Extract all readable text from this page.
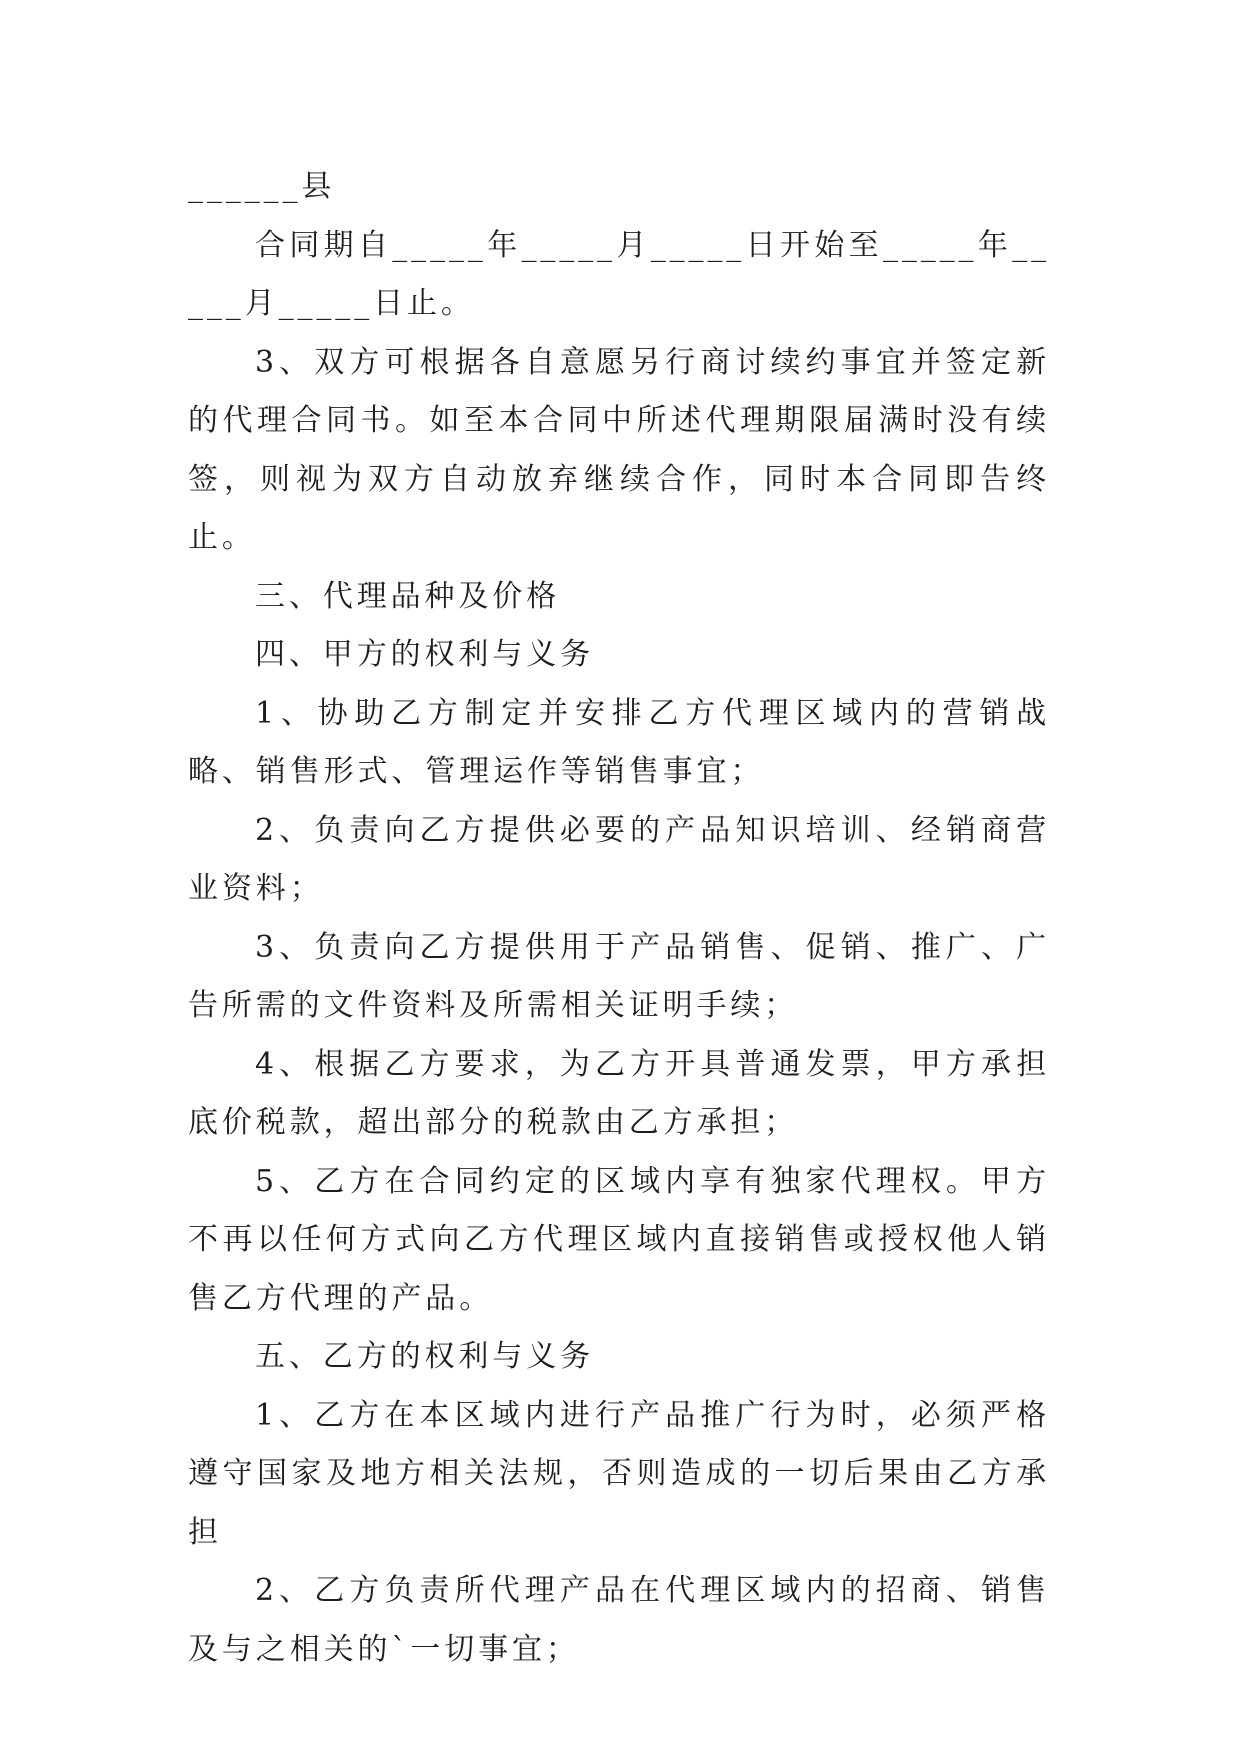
______县

合同期自_____年_____月_____日开始至_____年_____月_____日止。

3、双方可根据各自意愿另行商讨续约事宜并签定新的代理合同书。如至本合同中所述代理期限届满时没有续签，则视为双方自动放弃继续合作，同时本合同即告终止。

三、代理品种及价格

四、甲方的权利与义务

1、协助乙方制定并安排乙方代理区域内的营销战略、销售形式、管理运作等销售事宜；

2、负责向乙方提供必要的产品知识培训、经销商营业资料；

3、负责向乙方提供用于产品销售、促销、推广、广告所需的文件资料及所需相关证明手续；

4、根据乙方要求，为乙方开具普通发票，甲方承担底价税款，超出部分的税款由乙方承担；

5、乙方在合同约定的区域内享有独家代理权。甲方不再以任何方式向乙方代理区域内直接销售或授权他人销售乙方代理的产品。

五、乙方的权利与义务

1、乙方在本区域内进行产品推广行为时，必须严格遵守国家及地方相关法规，否则造成的一切后果由乙方承担

2、乙方负责所代理产品在代理区域内的招商、销售及与之相关的`一切事宜；
